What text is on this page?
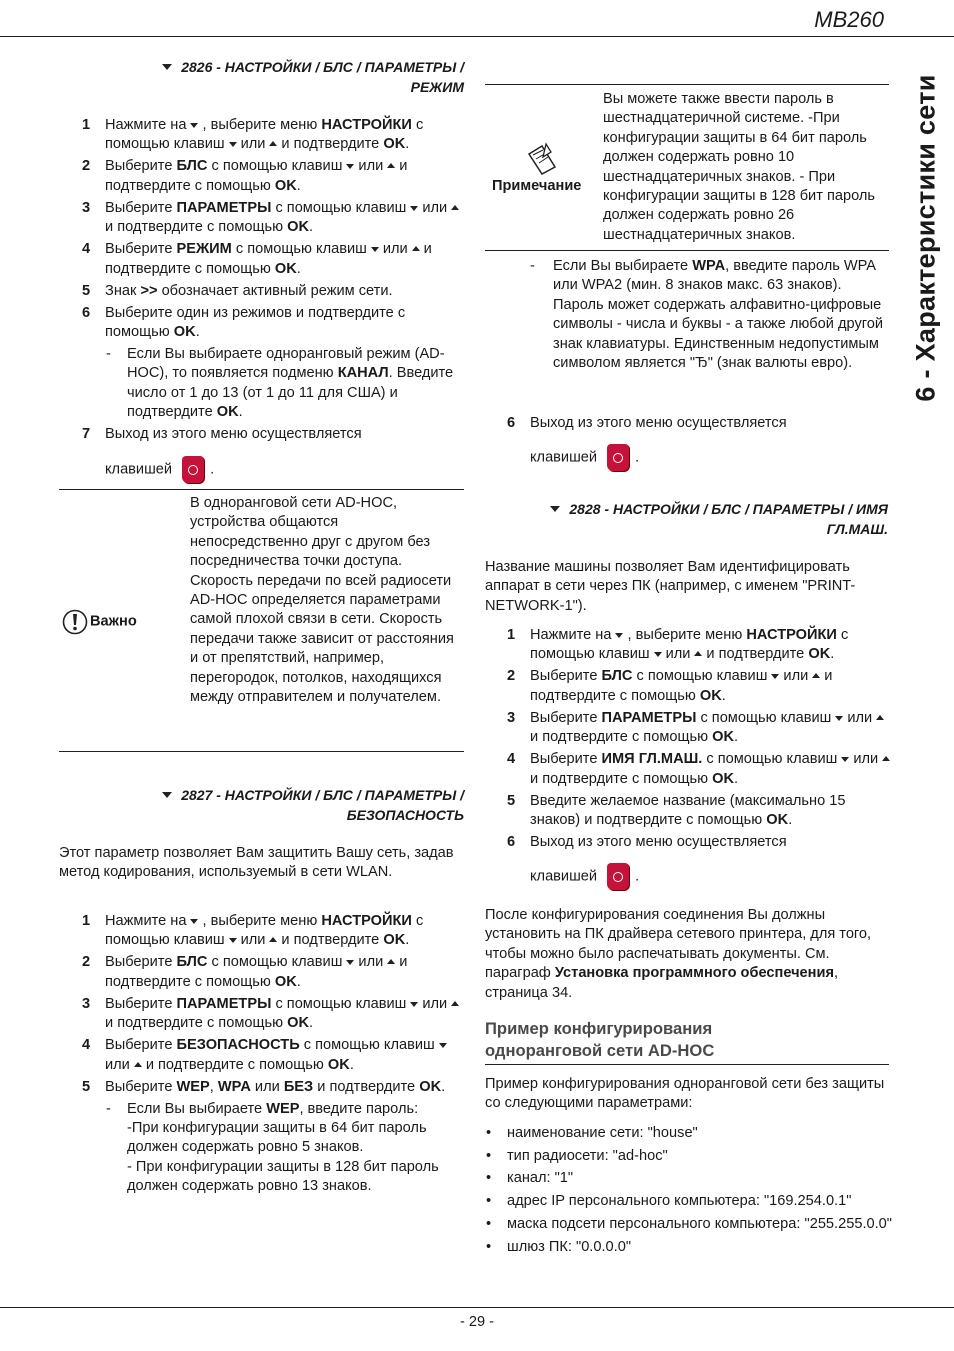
MB260
6 - Характеристики сети
2826 - НАСТРОЙКИ / БЛС / ПАРАМЕТРЫ /
РЕЖИМ
1 Нажмите на , выберите меню НАСТРОЙКИ с помощью клавиш или и подтвердите OK.
2 Выберите БЛС с помощью клавиш или и подтвердите с помощью OK.
3 Выберите ПАРАМЕТРЫ с помощью клавиш илии подтвердите с помощью OK.
4 Выберите РЕЖИМ с помощью клавиш или и подтвердите с помощью OK.
5 Знак >> обозначает активный режим сети.
6 Выберите один из режимов и подтвердите с помощью OK.
- Если Вы выбираете одноранговый режим (AD-HOC), то появляется подменю КАНАЛ. Введите число от 1 до 13 (от 1 до 11 для США) и подтвердите OK.
7 Выход из этого меню осуществляется
клавишей	.
Важно
В одноранговой сети AD-HOC, устройства общаются непосредственно друг с другом без посредничества точки доступа. Скорость передачи по всей радиосети AD-HOC определяется параметрами самой плохой связи в сети. Скорость передачи также зависит от расстояния и от препятствий, например, перегородок, потолков, находящихся между отправителем и получателем.
2827 - НАСТРОЙКИ / БЛС / ПАРАМЕТРЫ /
БЕЗОПАСНОСТЬ
Этот параметр позволяет Вам защитить Вашу сеть, задав метод кодирования, используемый в сети WLAN.
1 Нажмите на , выберите меню НАСТРОЙКИ с помощью клавиш или и подтвердите OK.
2 Выберите БЛС с помощью клавиш или и подтвердите с помощью OK.
3 Выберите ПАРАМЕТРЫ с помощью клавиш илии подтвердите с помощью OK.
4 Выберите БЕЗОПАСНОСТЬ с помощью клавишили и подтвердите с помощью OK.
5 Выберите WEP, WPA или БЕЗ и подтвердите OK.
- Если Вы выбираете WEP, введите пароль:
-При конфигурации защиты в 64 бит пароль должен содержать ровно 5 знаков.
- При конфигурации защиты в 128 бит пароль должен содержать ровно 13 знаков.
Примечание
Вы можете также ввести пароль в шестнадцатеричной системе. -При конфигурации защиты в 64 бит пароль должен содержать ровно 10 шестнадцатеричных знаков. - При конфигурации защиты в 128 бит пароль должен содержать ровно 26 шестнадцатеричных знаков.
- Если Вы выбираете WPA, введите пароль WPA или WPA2 (мин. 8 знаков макс. 63 знаков).
Пароль может содержать алфавитно-цифровые символы - числа и буквы - а также любой другой знак клавиатуры. Единственным недопустимым символом является "Ђ" (знак валюты евро).
6 Выход из этого меню осуществляется
клавишей	.
2828 - НАСТРОЙКИ / БЛС / ПАРАМЕТРЫ / ИМЯ
ГЛ.МАШ.
Название машины позволяет Вам идентифицировать аппарат в сети через ПК (например, с именем "PRINT-NETWORK-1").
1 Нажмите на , выберите меню НАСТРОЙКИ с помощью клавиш или и подтвердите OK.
2 Выберите БЛС с помощью клавиш или и подтвердите с помощью OK.
3 Выберите ПАРАМЕТРЫ с помощью клавиш илии подтвердите с помощью OK.
4 Выберите ИМЯ ГЛ.МАШ. с помощью клавиш илии подтвердите с помощью OK.
5 Введите желаемое название (максимально 15 знаков) и подтвердите с помощью OK.
6 Выход из этого меню осуществляется
клавишей	.
После конфигурирования соединения Вы должны установить на ПК драйвера сетевого принтера, для того, чтобы можно было распечатывать документы. См. параграф Установка программного обеспечения, страница 34.
Пример конфигурирования
одноранговой сети AD-HOC
Пример конфигурирования одноранговой сети без защиты со следующими параметрами:
• наименование сети: "house"
• тип радиосети: "ad-hoc"
• канал: "1"
• адрес IP персонального компьютера: "169.254.0.1"
• маска подсети персонального компьютера: "255.255.0.0"
• шлюз ПК: "0.0.0.0"
- 29 -
